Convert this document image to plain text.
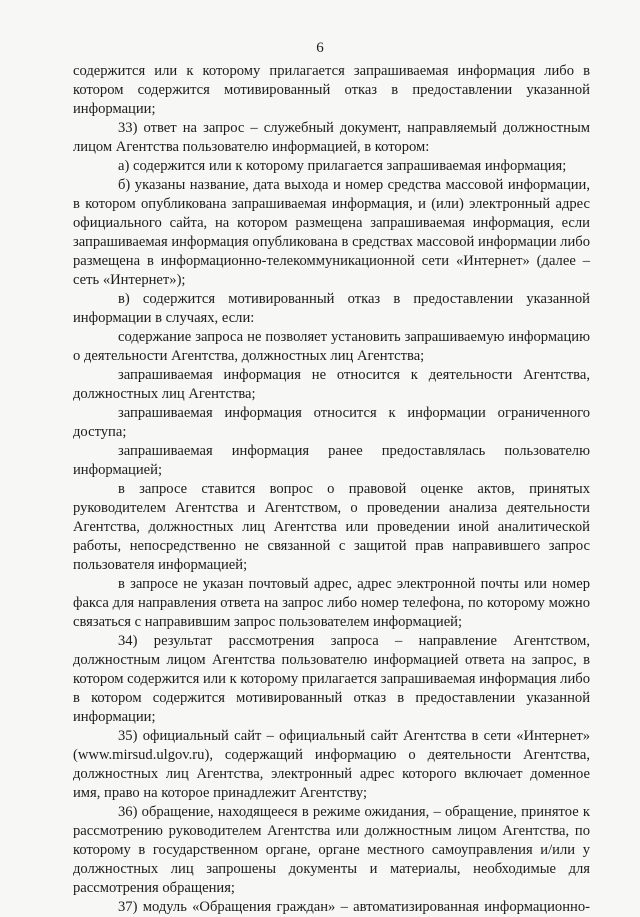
6

содержится или к которому прилагается запрашиваемая информация либо в котором содержится мотивированный отказ в предоставлении указанной информации;

33) ответ на запрос – служебный документ, направляемый должностным лицом Агентства пользователю информацией, в котором:

а) содержится или к которому прилагается запрашиваемая информация;

б) указаны название, дата выхода и номер средства массовой информации, в котором опубликована запрашиваемая информация, и (или) электронный адрес официального сайта, на котором размещена запрашиваемая информация, если запрашиваемая информация опубликована в средствах массовой информации либо размещена в информационно-телекоммуникационной сети «Интернет» (далее – сеть «Интернет»);

в) содержится мотивированный отказ в предоставлении указанной информации в случаях, если:

содержание запроса не позволяет установить запрашиваемую информацию о деятельности Агентства, должностных лиц Агентства;

запрашиваемая информация не относится к деятельности Агентства, должностных лиц Агентства;

запрашиваемая информация относится к информации ограниченного доступа;

запрашиваемая информация ранее предоставлялась пользователю информацией;

в запросе ставится вопрос о правовой оценке актов, принятых руководителем Агентства и Агентством, о проведении анализа деятельности Агентства, должностных лиц Агентства или проведении иной аналитической работы, непосредственно не связанной с защитой прав направившего запрос пользователя информацией;

в запросе не указан почтовый адрес, адрес электронной почты или номер факса для направления ответа на запрос либо номер телефона, по которому можно связаться с направившим запрос пользователем информацией;

34) результат рассмотрения запроса – направление Агентством, должностным лицом Агентства пользователю информацией ответа на запрос, в котором содержится или к которому прилагается запрашиваемая информация либо в котором содержится мотивированный отказ в предоставлении указанной информации;

35) официальный сайт – официальный сайт Агентства в сети «Интернет» (www.mirsud.ulgov.ru), содержащий информацию о деятельности Агентства, должностных лиц Агентства, электронный адрес которого включает доменное имя, право на которое принадлежит Агентству;

36) обращение, находящееся в режиме ожидания, – обращение, принятое к рассмотрению руководителем Агентства или должностным лицом Агентства, по которому в государственном органе, органе местного самоуправления и/или у должностных лиц запрошены документы и материалы, необходимые для рассмотрения обращения;

37) модуль «Обращения граждан» – автоматизированная информационно-
